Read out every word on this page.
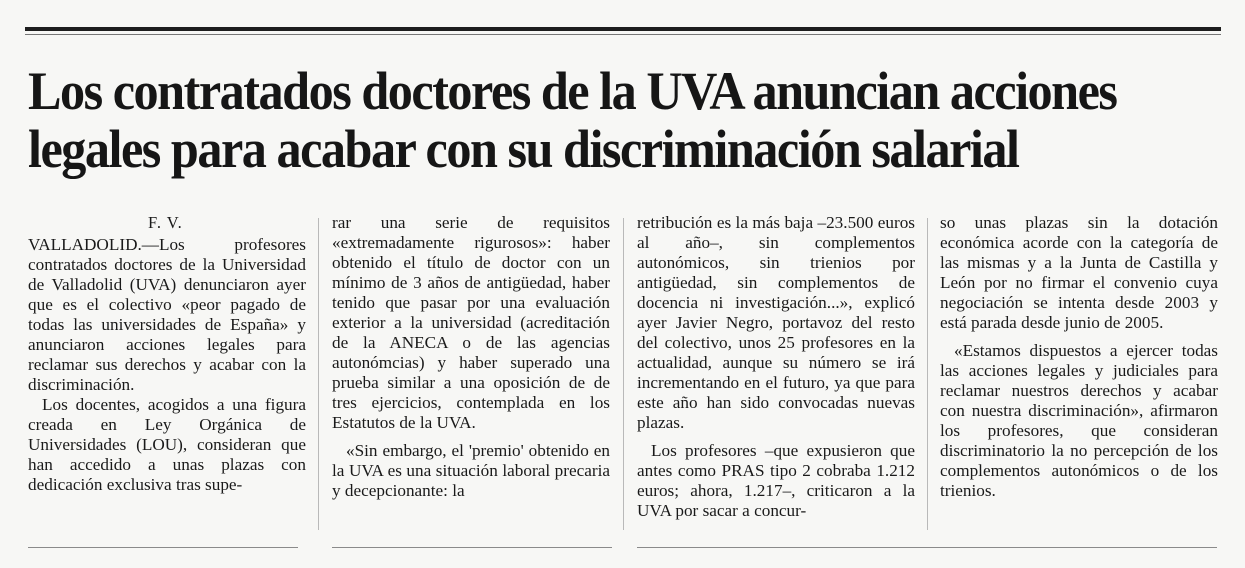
Los contratados doctores de la UVA anuncian acciones
legales para acabar con su discriminación salarial
F. V.

VALLADOLID.—Los profesores contratados doctores de la Universidad de Valladolid (UVA) denunciaron ayer que es el colectivo «peor pagado de todas las universidades de España» y anunciaron acciones legales para reclamar sus derechos y acabar con la discriminación.

Los docentes, acogidos a una figura creada en Ley Orgánica de Universidades (LOU), consideran que han accedido a unas plazas con dedicación exclusiva tras supe-

rar una serie de requisitos «extremadamente rigurosos»: haber obtenido el título de doctor con un mínimo de 3 años de antigüedad, haber tenido que pasar por una evaluación exterior a la universidad (acreditación de la ANECA o de las agencias autonómcias) y haber superado una prueba similar a una oposición de de tres ejercicios, contemplada en los Estatutos de la UVA.

«Sin embargo, el 'premio' obtenido en la UVA es una situación laboral precaria y decepcionante: la

retribución es la más baja –23.500 euros al año–, sin complementos autonómicos, sin trienios por antigüedad, sin complementos de docencia ni investigación...», explicó ayer Javier Negro, portavoz del resto del colectivo, unos 25 profesores en la actualidad, aunque su número se irá incrementando en el futuro, ya que para este año han sido convocadas nuevas plazas.

Los profesores –que expusieron que antes como PRAS tipo 2 cobraba 1.212 euros; ahora, 1.217–, criticaron a la UVA por sacar a concur-

so unas plazas sin la dotación económica acorde con la categoría de las mismas y a la Junta de Castilla y León por no firmar el convenio cuya negociación se intenta desde 2003 y está parada desde junio de 2005.

«Estamos dispuestos a ejercer todas las acciones legales y judiciales para reclamar nuestros derechos y acabar con nuestra discriminación», afirmaron los profesores, que consideran discriminatorio la no percepción de los complementos autonómicos o de los trienios.
